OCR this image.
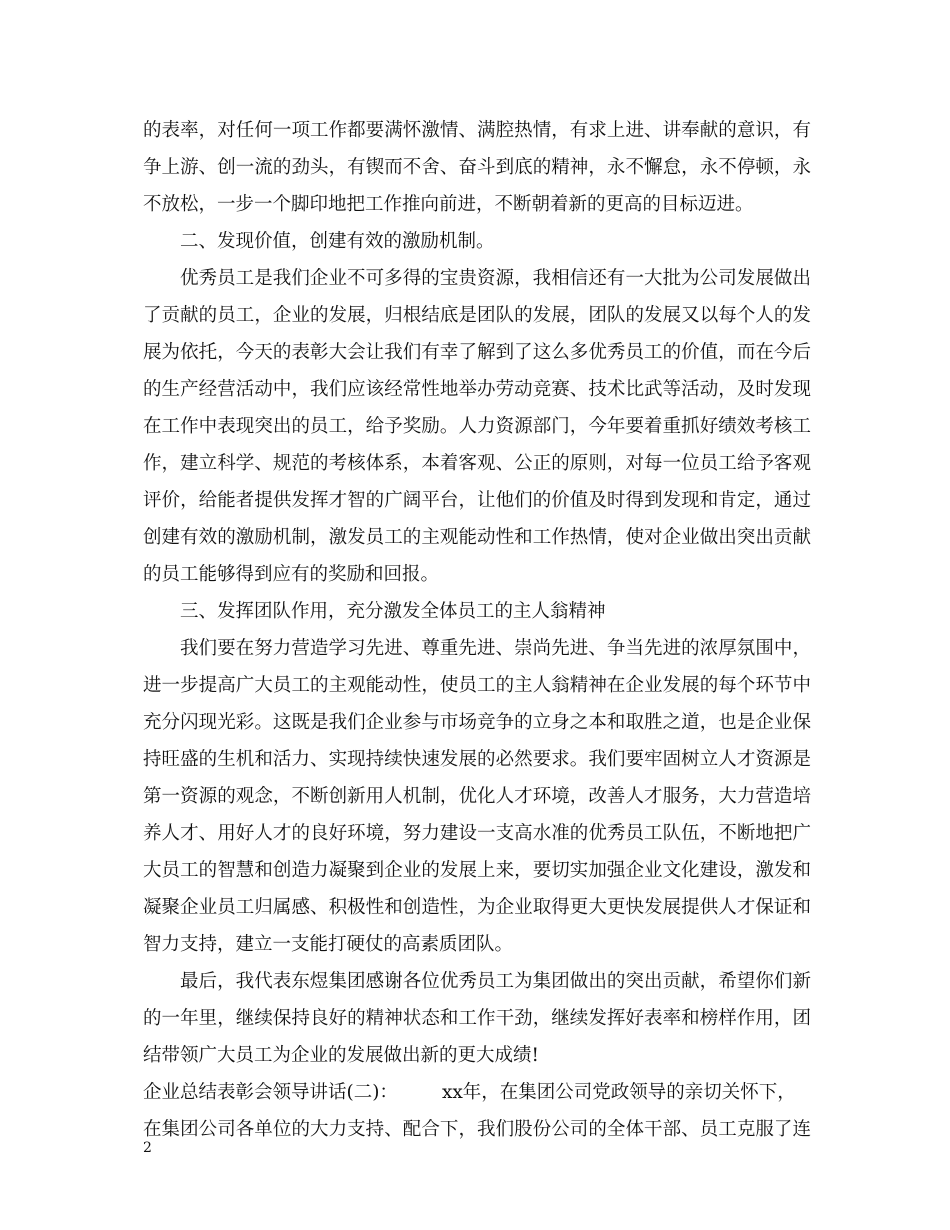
的表率，对任何一项工作都要满怀激情、满腔热情，有求上进、讲奉献的意识，有
争上游、创一流的劲头，有锲而不舍、奋斗到底的精神，永不懈怠，永不停顿，永
不放松，一步一个脚印地把工作推向前进，不断朝着新的更高的目标迈进。
二、发现价值，创建有效的激励机制。
优秀员工是我们企业不可多得的宝贵资源，我相信还有一大批为公司发展做出
了贡献的员工，企业的发展，归根结底是团队的发展，团队的发展又以每个人的发
展为依托，今天的表彰大会让我们有幸了解到了这么多优秀员工的价值，而在今后
的生产经营活动中，我们应该经常性地举办劳动竞赛、技术比武等活动，及时发现
在工作中表现突出的员工，给予奖励。人力资源部门，今年要着重抓好绩效考核工
作，建立科学、规范的考核体系，本着客观、公正的原则，对每一位员工给予客观
评价，给能者提供发挥才智的广阔平台，让他们的价值及时得到发现和肯定，通过
创建有效的激励机制，激发员工的主观能动性和工作热情，使对企业做出突出贡献
的员工能够得到应有的奖励和回报。
三、发挥团队作用，充分激发全体员工的主人翁精神
我们要在努力营造学习先进、尊重先进、崇尚先进、争当先进的浓厚氛围中，
进一步提高广大员工的主观能动性，使员工的主人翁精神在企业发展的每个环节中
充分闪现光彩。这既是我们企业参与市场竞争的立身之本和取胜之道，也是企业保
持旺盛的生机和活力、实现持续快速发展的必然要求。我们要牢固树立人才资源是
第一资源的观念，不断创新用人机制，优化人才环境，改善人才服务，大力营造培
养人才、用好人才的良好环境，努力建设一支高水准的优秀员工队伍，不断地把广
大员工的智慧和创造力凝聚到企业的发展上来，要切实加强企业文化建设，激发和
凝聚企业员工归属感、积极性和创造性，为企业取得更大更快发展提供人才保证和
智力支持，建立一支能打硬仗的高素质团队。
最后，我代表东煜集团感谢各位优秀员工为集团做出的突出贡献，希望你们新
的一年里，继续保持良好的精神状态和工作干劲，继续发挥好表率和榜样作用，团
结带领广大员工为企业的发展做出新的更大成绩!
企业总结表彰会领导讲话(二)： xx年，在集团公司党政领导的亲切关怀下，
在集团公司各单位的大力支持、配合下，我们股份公司的全体干部、员工克服了连
2
